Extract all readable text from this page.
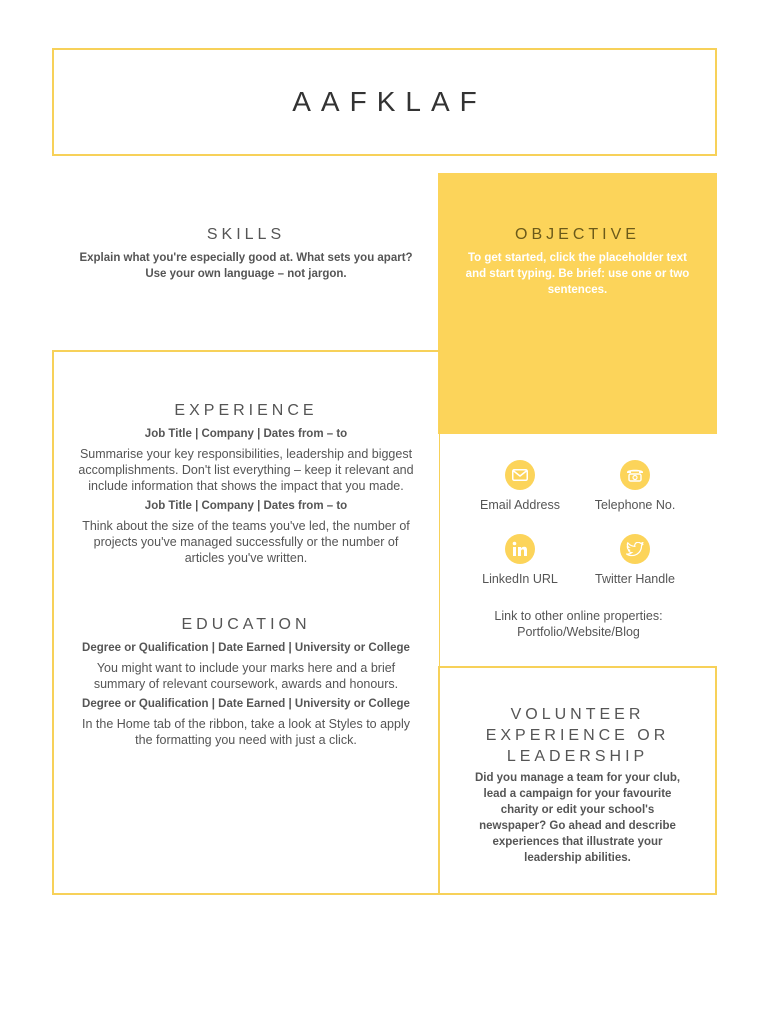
AAFKLAF

SKILLS

Explain what you're especially good at. What sets you apart? Use your own language – not jargon.

OBJECTIVE

To get started, click the placeholder text and start typing. Be brief: use one or two sentences.

EXPERIENCE

Job Title | Company | Dates from – to
Summarise your key responsibilities, leadership and biggest accomplishments. Don't list everything – keep it relevant and include information that shows the impact that you made.
Job Title | Company | Dates from – to
Think about the size of the teams you've led, the number of projects you've managed successfully or the number of articles you've written.

EDUCATION

Degree or Qualification | Date Earned | University or College
You might want to include your marks here and a brief summary of relevant coursework, awards and honours.
Degree or Qualification | Date Earned | University or College
In the Home tab of the ribbon, take a look at Styles to apply the formatting you need with just a click.
Email Address	Telephone No.
LinkedIn URL	Twitter Handle
Link to other online properties:
Portfolio/Website/Blog
VOLUNTEER
EXPERIENCE OR
LEADERSHIP
Did you manage a team for your club, lead a campaign for your favourite charity or edit your school's newspaper? Go ahead and describe experiences that illustrate your leadership abilities.
